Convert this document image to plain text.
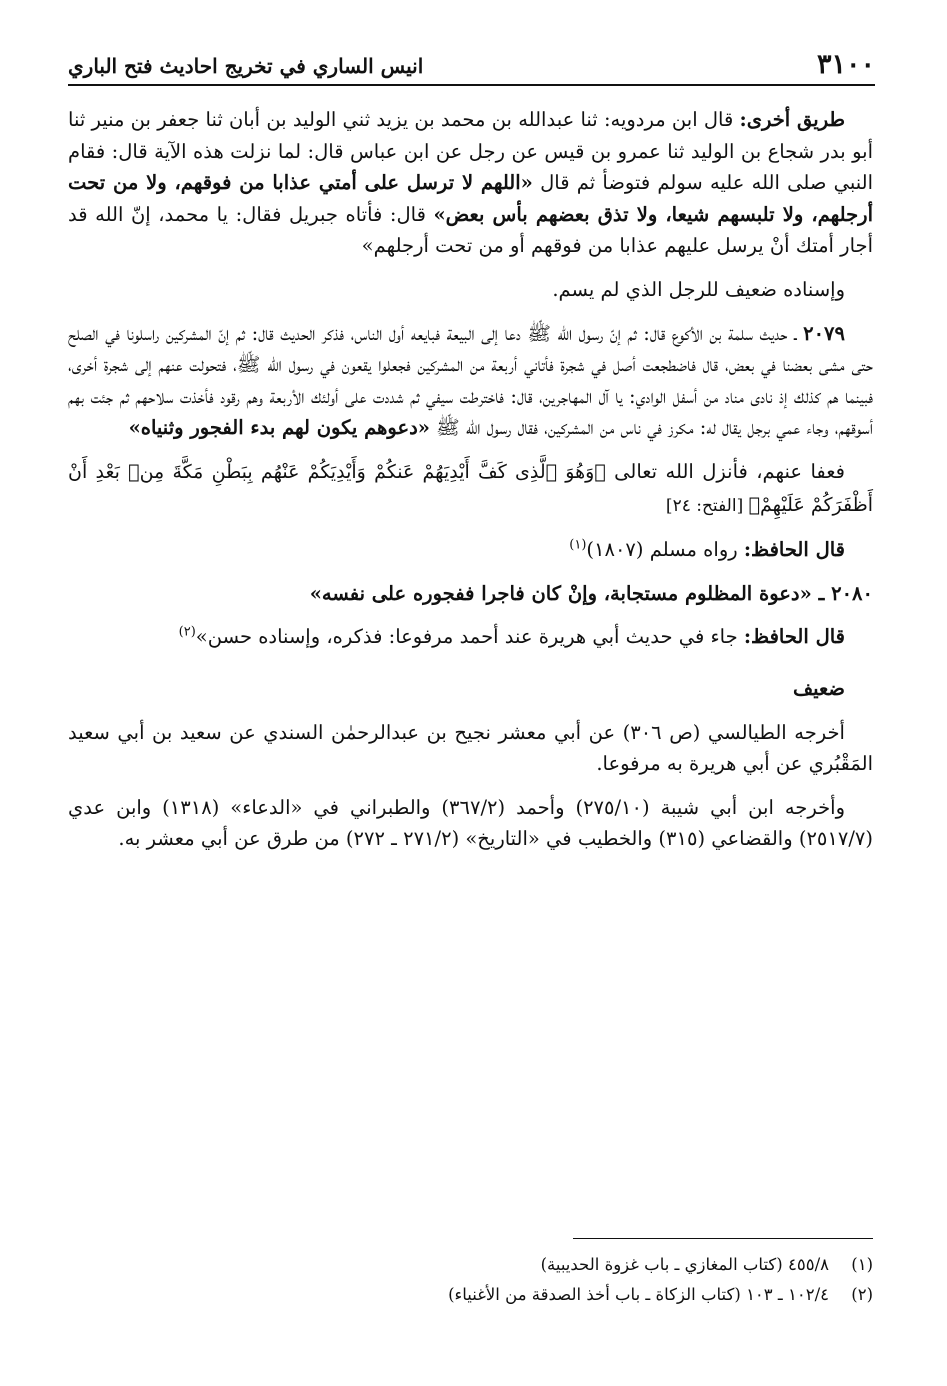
٣١٠٠
انيس الساري في تخريج احاديث فتح الباري

طريق أخرى: قال ابن مردويه: ثنا عبدالله بن محمد بن يزيد ثني الوليد بن أبان ثنا جعفر بن منير ثنا أبو بدر شجاع بن الوليد ثنا عمرو بن قيس عن رجل عن ابن عباس قال: لما نزلت هذه الآية قال: فقام النبي صلى الله عليه سولم فتوضأ ثم قال «اللهم لا ترسل على أمتي عذابا من فوقهم، ولا من تحت أرجلهم، ولا تلبسهم شيعا، ولا تذق بعضهم بأس بعض» قال: فأتاه جبريل فقال: يا محمد، إنّ الله قد أجار أمتك أنْ يرسل عليهم عذابا من فوقهم أو من تحت أرجلهم»

وإسناده ضعيف للرجل الذي لم يسم.

٢٠٧٩ ـ حديث سلمة بن الأكوع قال: ثم إنّ رسول الله ﷺ دعا إلى البيعة فبايعه أول الناس، فذكر الحديث قال: ثم إنّ المشركين راسلونا في الصلح حتى مشى بعضنا في بعض، قال فاضطجعت أصل في شجرة فأتاني أربعة من المشركين فجعلوا يقعون في رسول الله ﷺ، فتحولت عنهم إلى شجرة أخرى، فبينما هم كذلك إذ نادى مناد من أسفل الوادي: يا آل المهاجرين، قال: فاخترطت سيفي ثم شددت على أولئك الأربعة وهم رقود فأخذت سلاحهم ثم جئت بهم أسوقهم، وجاء عمي برجل يقال له: مكرز في ناس من المشركين، فقال رسول الله ﷺ «دعوهم يكون لهم بدء الفجور وثنياه»

فعفا عنهم، فأنزل الله تعالى ﴿وَهُوَ ٱلَّذِى كَفَّ أَيْدِيَهُمْ عَنكُمْ وَأَيْدِيَكُمْ عَنْهُم بِبَطْنِ مَكَّةَ مِنۢ بَعْدِ أَنْ أَظْفَرَكُمْ عَلَيْهِمْ﴾ [الفتح: ٢٤]

قال الحافظ: رواه مسلم (١٨٠٧)$^{(١)}$

٢٠٨٠ ـ «دعوة المظلوم مستجابة، وإنْ كان فاجرا ففجوره على نفسه»

قال الحافظ: جاء في حديث أبي هريرة عند أحمد مرفوعا: فذكره، وإسناده حسن»$^{(٢)}$

ضعيف

أخرجه الطيالسي (ص ٣٠٦) عن أبي معشر نجيح بن عبدالرحمٰن السندي عن سعيد بن أبي سعيد المَقْبُري عن أبي هريرة به مرفوعا.

وأخرجه ابن أبي شيبة (٢٧٥/١٠) وأحمد (٣٦٧/٢) والطبراني في «الدعاء» (١٣١٨) وابن عدي (٢٥١٧/٧) والقضاعي (٣١٥) والخطيب في «التاريخ» (٢٧١/٢ ـ ٢٧٢) من طرق عن أبي معشر به.

(١)
٤٥٥/٨ (كتاب المغازي ـ باب غزوة الحديبية)
(٢)
١٠٢/٤ ـ ١٠٣ (كتاب الزكاة ـ باب أخذ الصدقة من الأغنياء)
